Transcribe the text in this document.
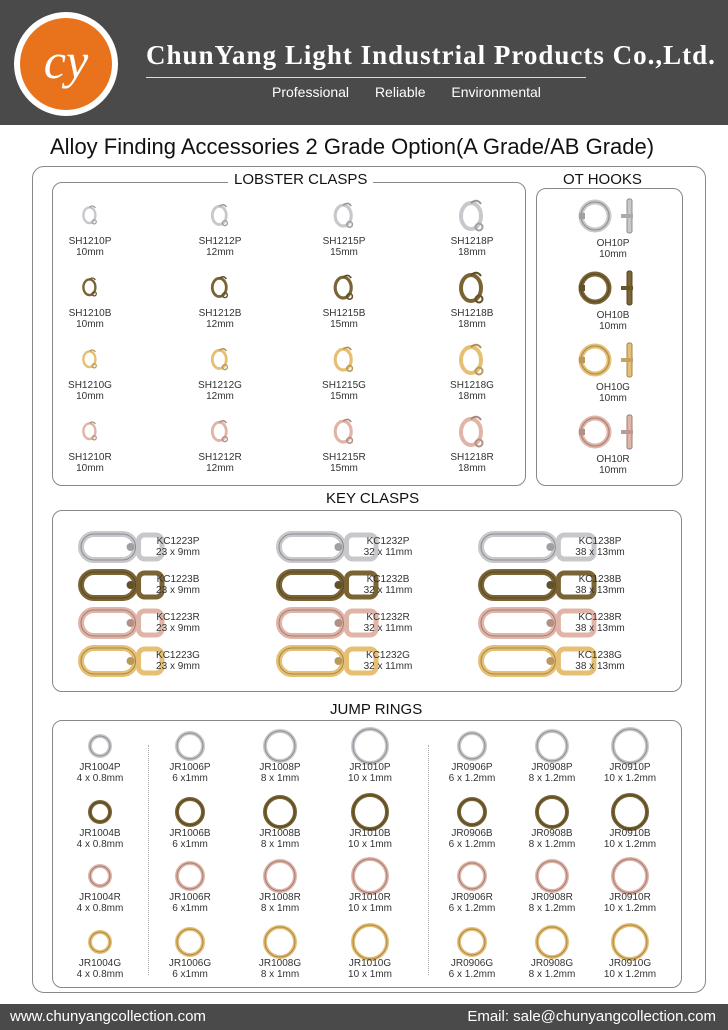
cy	ChunYang Light Industrial Products Co.,Ltd.
Professional Reliable Environmental
Alloy Finding Accessories 2 Grade Option(A Grade/AB Grade)
LOBSTER CLASPS	OT HOOKS
KEY CLASPS
JUMP RINGS
SH1210P
10mm
SH1212P
12mm
SH1215P
15mm
SH1218P
18mm
SH1210B
10mm
SH1212B
12mm
SH1215B
15mm
SH1218B
18mm
SH1210G
10mm
SH1212G
12mm
SH1215G
15mm
SH1218G
18mm
SH1210R
10mm
SH1212R
12mm
SH1215R
15mm
SH1218R
18mm
OH10P
10mm
OH10B
10mm
OH10G
10mm
OH10R
10mm
KC1223P
23 x 9mm
KC1232P
32 x 11mm
KC1238P
38 x 13mm
KC1223B
23 x 9mm
KC1232B
32 x 11mm
KC1238B
38 x 13mm
KC1223R
23 x 9mm
KC1232R
32 x 11mm
KC1238R
38 x 13mm
KC1223G
23 x 9mm
KC1232G
32 x 11mm
KC1238G
38 x 13mm
JR1004P
4 x 0.8mm
JR1006P
6 x1mm
JR1008P
8 x 1mm
JR1010P
10 x 1mm
JR0906P
6 x 1.2mm
JR0908P
8 x 1.2mm
JR0910P
10 x 1.2mm
JR1004B
4 x 0.8mm
JR1006B
6 x1mm
JR1008B
8 x 1mm
JR1010B
10 x 1mm
JR0906B
6 x 1.2mm
JR0908B
8 x 1.2mm
JR0910B
10 x 1.2mm
JR1004R
4 x 0.8mm
JR1006R
6 x1mm
JR1008R
8 x 1mm
JR1010R
10 x 1mm
JR0906R
6 x 1.2mm
JR0908R
8 x 1.2mm
JR0910R
10 x 1.2mm
JR1004G
4 x 0.8mm
JR1006G
6 x1mm
JR1008G
8 x 1mm
JR1010G
10 x 1mm
JR0906G
6 x 1.2mm
JR0908G
8 x 1.2mm
JR0910G
10 x 1.2mm
www.chunyangcollection.com	Email: sale@chunyangcollection.com
